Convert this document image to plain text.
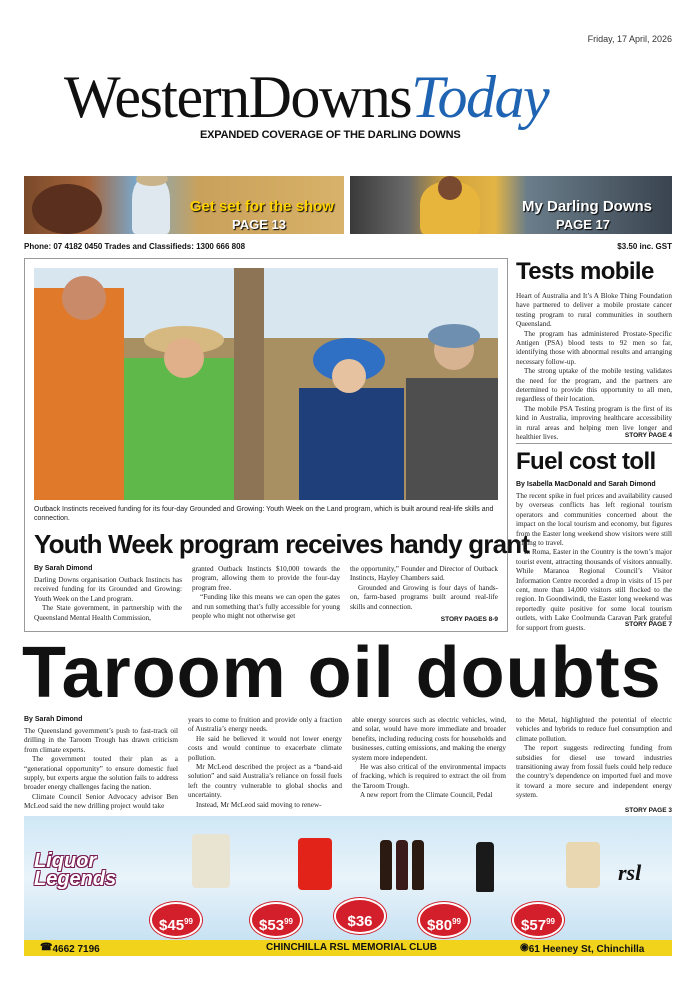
Friday, 17 April, 2026
WesternDownsToday
EXPANDED COVERAGE OF THE DARLING DOWNS
Get set for the show
PAGE 13
My Darling Downs
PAGE 17
Phone: 07 4182 0450 Trades and Classifieds: 1300 666 808	$3.50 inc. GST
Outback Instincts received funding for its four-day Grounded and Growing: Youth Week on the Land program, which is built around real-life skills and connection.
Youth Week program receives handy grant
By Sarah Dimond

Darling Downs organisation Outback Instincts has received funding for its Grounded and Growing: Youth Week on the Land program.

The State government, in partnership with the Queensland Mental Health Commission,

granted Outback Instincts $10,000 towards the program, allowing them to provide the four-day program free.

“Funding like this means we can open the gates and run something that’s fully accessible for young people who might not otherwise get

the opportunity,” Founder and Director of Outback Instincts, Hayley Chambers said.

Grounded and Growing is four days of hands-on, farm-based programs built around real-life skills and connection.

STORY PAGES 8-9
Tests mobile

Heart of Australia and It’s A Bloke Thing Foundation have partnered to deliver a mobile prostate cancer testing program to rural communities in southern Queensland.

The program has administered Prostate-Specific Antigen (PSA) blood tests to 92 men so far, identifying those with abnormal results and arranging necessary follow-up.

The strong uptake of the mobile testing validates the need for the program, and the partners are determined to provide this opportunity to all men, regardless of their location.

The mobile PSA Testing program is the first of its kind in Australia, improving healthcare accessibility in rural areas and helping men live longer and healthier lives.	STORY PAGE 4
Fuel cost toll
By Isabella MacDonald and Sarah Dimond

The recent spike in fuel prices and availability caused by overseas conflicts has left regional tourism operators and communities concerned about the impact on the local tourism and economy, but figures from the Easter long weekend show visitors were still willing to travel.

In Roma, Easter in the Country is the town’s major tourist event, attracting thousands of visitors annually. While Maranoa Regional Council’s Visitor Information Centre recorded a drop in visits of 15 per cent, more than 14,000 visitors still flocked to the region. In Goondiwindi, the Easter long weekend was reportedly quite positive for some local tourism outlets, with Lake Coolmunda Caravan Park grateful for support from guests.	STORY PAGE 7
Taroom oil doubts
By Sarah Dimond

The Queensland government’s push to fast-track oil drilling in the Taroom Trough has drawn criticism from climate experts.

The government touted their plan as a “generational opportunity” to ensure domestic fuel supply, but experts argue the solution fails to address broader energy challenges facing the nation.

Climate Council Senior Advocacy advisor Ben McLeod said the new drilling project would take

years to come to fruition and provide only a fraction of Australia’s energy needs.

He said he believed it would not lower energy costs and would continue to exacerbate climate pollution.

Mr McLeod described the project as a “band-aid solution” and said Australia’s reliance on fossil fuels left the country vulnerable to global shocks and uncertainty.

Instead, Mr McLeod said moving to renew-

able energy sources such as electric vehicles, wind, and solar, would have more immediate and broader benefits, including reducing costs for households and businesses, cutting emissions, and making the energy system more independent.

He was also critical of the environmental impacts of fracking, which is required to extract the oil from the Taroom Trough.

A new report from the Climate Council, Pedal

to the Metal, highlighted the potential of electric vehicles and hybrids to reduce fuel consumption and climate pollution.

The report suggests redirecting funding from subsidies for diesel use toward industries transitioning away from fossil fuels could help reduce the country’s dependence on imported fuel and move it toward a more secure and independent energy system.

STORY PAGE 3
Liquor
Legends
$\$45^{99}$	$\$53^{99}$	$36	$\$80^{99}$	$\$57^{99}$
rsl
☎ 4662 7196	CHINCHILLA RSL MEMORIAL CLUB	◉ 61 Heeney St, Chinchilla
